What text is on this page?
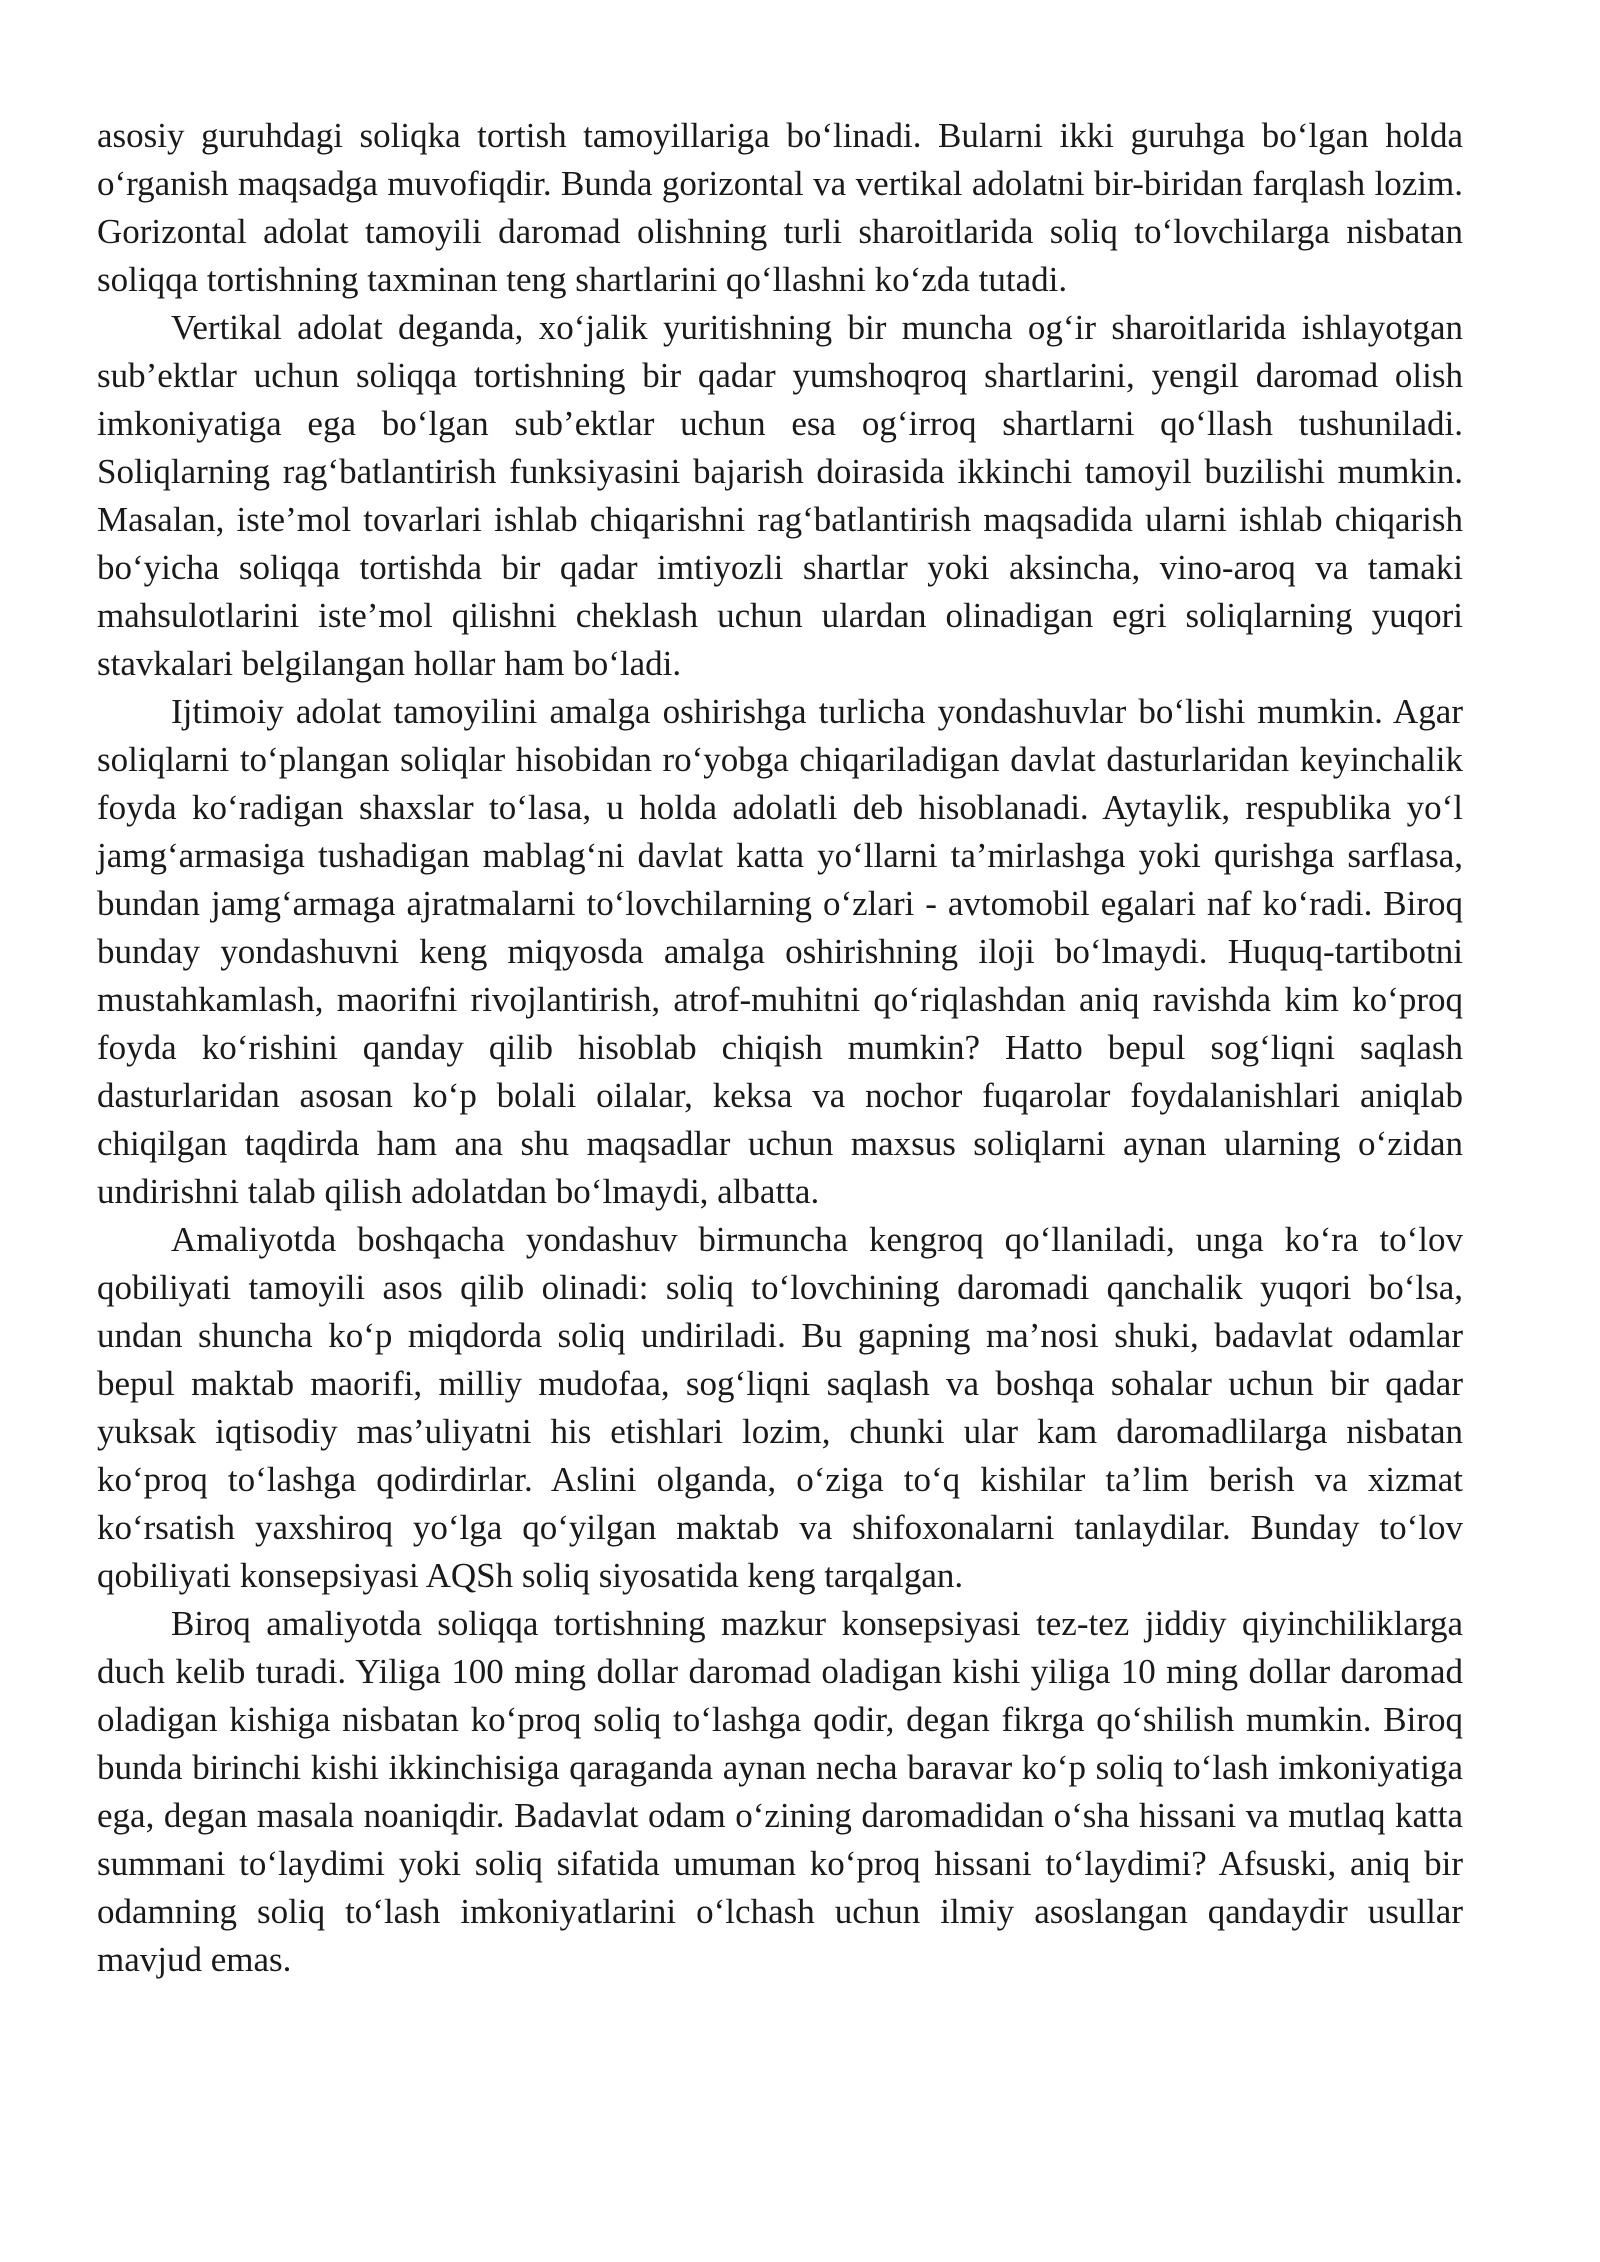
asosiy guruhdagi soliqka tortish tamoyillariga bo‘linadi. Bularni ikki guruhga bo‘lgan holda o‘rganish maqsadga muvofiqdir. Bunda gorizontal va vertikal adolatni bir-biridan farqlash lozim. Gorizontal adolat tamoyili daromad olishning turli sharoitlarida soliq to‘lovchilarga nisbatan soliqqa tortishning taxminan teng shartlarini qo‘llashni ko‘zda tutadi.

Vertikal adolat deganda, xo‘jalik yuritishning bir muncha og‘ir sharoitlarida ishlayotgan sub’ektlar uchun soliqqa tortishning bir qadar yumshoqroq shartlarini, yengil daromad olish imkoniyatiga ega bo‘lgan sub’ektlar uchun esa og‘irroq shartlarni qo‘llash tushuniladi. Soliqlarning rag‘batlantirish funksiyasini bajarish doirasida ikkinchi tamoyil buzilishi mumkin. Masalan, iste’mol tovarlari ishlab chiqarishni rag‘batlantirish maqsadida ularni ishlab chiqarish bo‘yicha soliqqa tortishda bir qadar imtiyozli shartlar yoki aksincha, vino-aroq va tamaki mahsulotlarini iste’mol qilishni cheklash uchun ulardan olinadigan egri soliqlarning yuqori stavkalari belgilangan hollar ham bo‘ladi.

Ijtimoiy adolat tamoyilini amalga oshirishga turlicha yondashuvlar bo‘lishi mumkin. Agar soliqlarni to‘plangan soliqlar hisobidan ro‘yobga chiqariladigan davlat dasturlaridan keyinchalik foyda ko‘radigan shaxslar to‘lasa, u holda adolatli deb hisoblanadi. Aytaylik, respublika yo‘l jamg‘armasiga tushadigan mablag‘ni davlat katta yo‘llarni ta’mirlashga yoki qurishga sarflasa, bundan jamg‘armaga ajratmalarni to‘lovchilarning o‘zlari - avtomobil egalari naf ko‘radi. Biroq bunday yondashuvni keng miqyosda amalga oshirishning iloji bo‘lmaydi. Huquq-tartibotni mustahkamlash, maorifni rivojlantirish, atrof-muhitni qo‘riqlashdan aniq ravishda kim ko‘proq foyda ko‘rishini qanday qilib hisoblab chiqish mumkin? Hatto bepul sog‘liqni saqlash dasturlaridan asosan ko‘p bolali oilalar, keksa va nochor fuqarolar foydalanishlari aniqlab chiqilgan taqdirda ham ana shu maqsadlar uchun maxsus soliqlarni aynan ularning o‘zidan undirishni talab qilish adolatdan bo‘lmaydi, albatta.

Amaliyotda boshqacha yondashuv birmuncha kengroq qo‘llaniladi, unga ko‘ra to‘lov qobiliyati tamoyili asos qilib olinadi: soliq to‘lovchining daromadi qanchalik yuqori bo‘lsa, undan shuncha ko‘p miqdorda soliq undiriladi. Bu gapning ma’nosi shuki, badavlat odamlar bepul maktab maorifi, milliy mudofaa, sog‘liqni saqlash va boshqa sohalar uchun bir qadar yuksak iqtisodiy mas’uliyatni his etishlari lozim, chunki ular kam daromadlilarga nisbatan ko‘proq to‘lashga qodirdirlar. Aslini olganda, o‘ziga to‘q kishilar ta’lim berish va xizmat ko‘rsatish yaxshiroq yo‘lga qo‘yilgan maktab va shifoxonalarni tanlaydilar. Bunday to‘lov qobiliyati konsepsiyasi AQSh soliq siyosatida keng tarqalgan.

Biroq amaliyotda soliqqa tortishning mazkur konsepsiyasi tez-tez jiddiy qiyinchiliklarga duch kelib turadi. Yiliga 100 ming dollar daromad oladigan kishi yiliga 10 ming dollar daromad oladigan kishiga nisbatan ko‘proq soliq to‘lashga qodir, degan fikrga qo‘shilish mumkin. Biroq bunda birinchi kishi ikkinchisiga qaraganda aynan necha baravar ko‘p soliq to‘lash imkoniyatiga ega, degan masala noaniqdir. Badavlat odam o‘zining daromadidan o‘sha hissani va mutlaq katta summani to‘laydimi yoki soliq sifatida umuman ko‘proq hissani to‘laydimi? Afsuski, aniq bir odamning soliq to‘lash imkoniyatlarini o‘lchash uchun ilmiy asoslangan qandaydir usullar mavjud emas.
